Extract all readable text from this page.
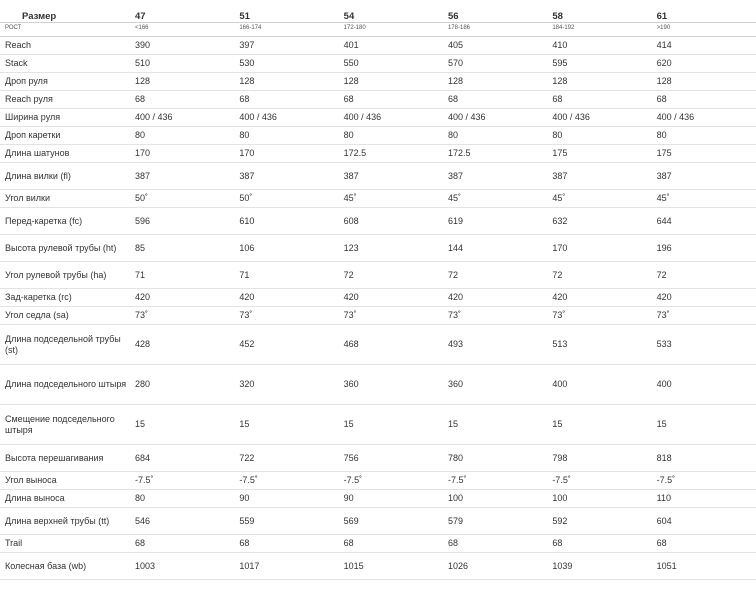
Размер	47	51	54	56	58	61
РОСТ	<166	166-174	172-180	178-186	184-192	>190
Reach	390	397	401	405	410	414
Stack	510	530	550	570	595	620
Дроп руля	128	128	128	128	128	128
Reach руля	68	68	68	68	68	68
Ширина руля	400 / 436	400 / 436	400 / 436	400 / 436	400 / 436	400 / 436
Дроп каретки	80	80	80	80	80	80
Длина шатунов	170	170	172.5	172.5	175	175
Длина вилки (fl)	387	387	387	387	387	387
Угол вилки	50˚	50˚	45˚	45˚	45˚	45˚
Перед-каретка (fc)	596	610	608	619	632	644
Высота рулевой трубы (ht)	85	106	123	144	170	196
Угол рулевой трубы (ha)	71	71	72	72	72	72
Зад-каретка (rc)	420	420	420	420	420	420
Угол седла (sa)	73˚	73˚	73˚	73˚	73˚	73˚
Длина подседельной трубы (st)	428	452	468	493	513	533
Длина подседельного штыря	280	320	360	360	400	400
Смещение подседельного штыря	15	15	15	15	15	15
Высота перешагивания	684	722	756	780	798	818
Угол выноса	-7.5˚	-7.5˚	-7.5˚	-7.5˚	-7.5˚	-7.5˚
Длина выноса	80	90	90	100	100	110
Длина верхней трубы (tt)	546	559	569	579	592	604
Trail	68	68	68	68	68	68
Колесная база (wb)	1003	1017	1015	1026	1039	1051
